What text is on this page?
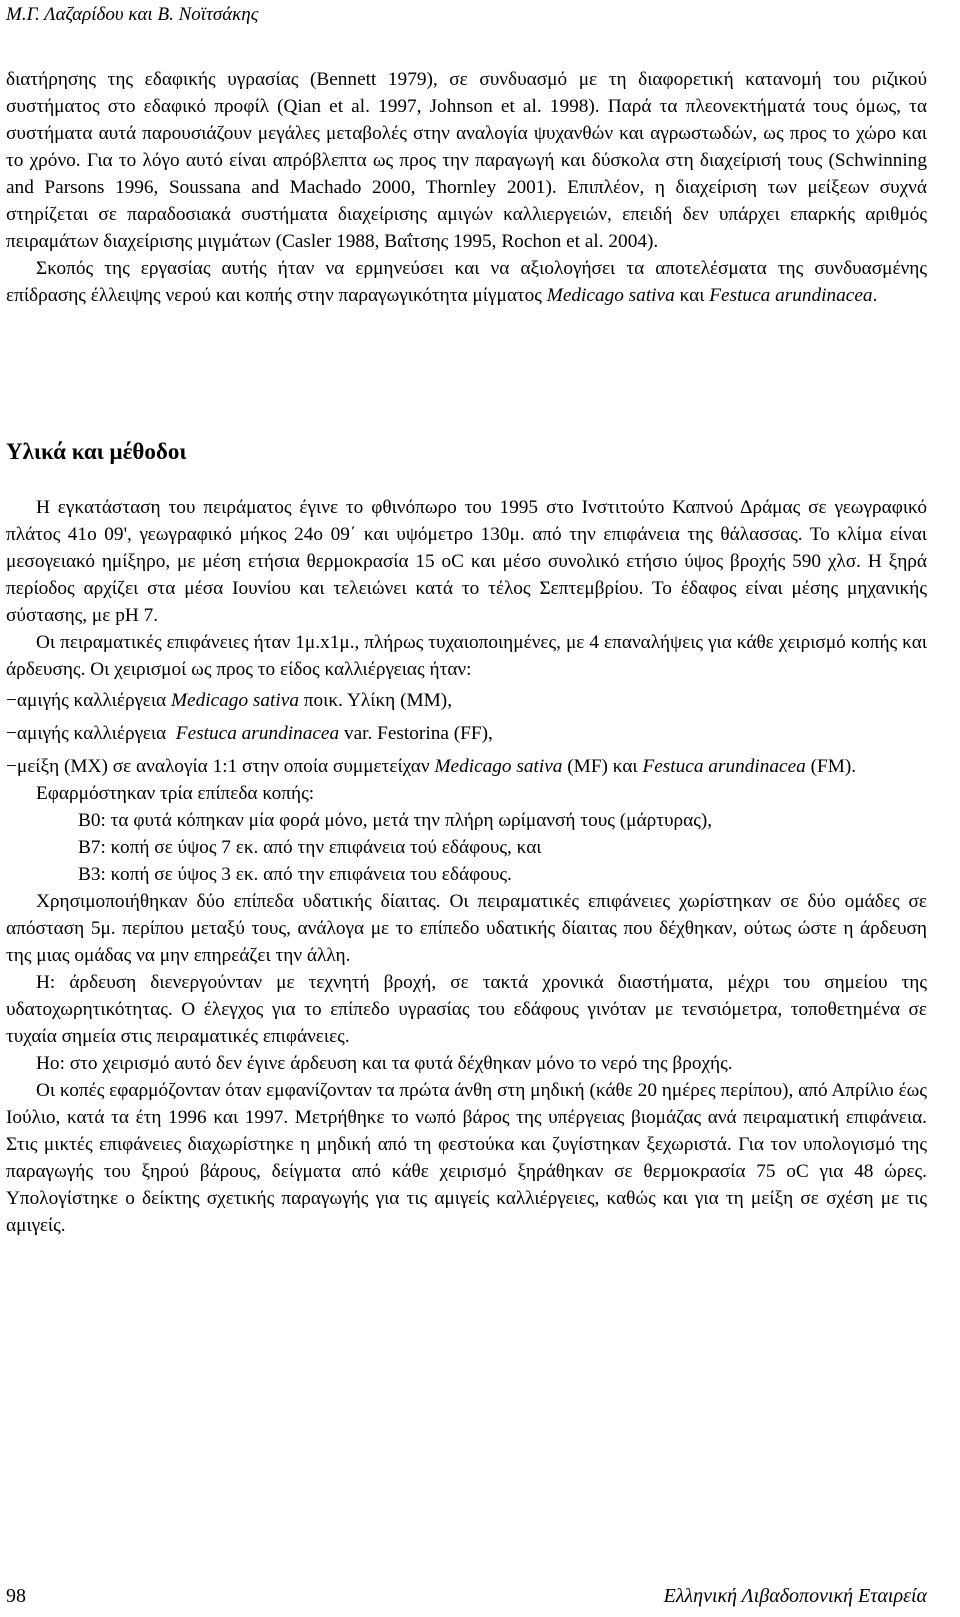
Μ.Γ. Λαζαρίδου και Β. Νοϊτσάκης

διατήρησης της εδαφικής υγρασίας (Bennett 1979), σε συνδυασμό με τη διαφορετική κατανομή του ριζικού συστήματος στο εδαφικό προφίλ (Qian et al. 1997, Johnson et al. 1998). Παρά τα πλεονεκτήματά τους όμως, τα συστήματα αυτά παρουσιάζουν μεγάλες μεταβολές στην αναλογία ψυχανθών και αγρωστωδών, ως προς το χώρο και το χρόνο. Για το λόγο αυτό είναι απρόβλεπτα ως προς την παραγωγή και δύσκολα στη διαχείρισή τους (Schwinning and Parsons 1996, Soussana and Machado 2000, Thornley 2001). Επιπλέον, η διαχείριση των μείξεων συχνά στηρίζεται σε παραδοσιακά συστήματα διαχείρισης αμιγών καλλιεργειών, επειδή δεν υπάρχει επαρκής αριθμός πειραμάτων διαχείρισης μιγμάτων (Casler 1988, Βαΐτσης 1995, Rochon et al. 2004).

Σκοπός της εργασίας αυτής ήταν να ερμηνεύσει και να αξιολογήσει τα αποτελέσματα της συνδυασμένης επίδρασης έλλειψης νερού και κοπής στην παραγωγικότητα μίγματος Medicago sativa και Festuca arundinacea.

Υλικά και μέθοδοι

Η εγκατάσταση του πειράματος έγινε το φθινόπωρο του 1995 στο Ινστιτούτο Καπνού Δράμας σε γεωγραφικό πλάτος 41ο 09', γεωγραφικό μήκος 24ο 09΄ και υψόμετρο 130μ. από την επιφάνεια της θάλασσας. Το κλίμα είναι μεσογειακό ημίξηρο, με μέση ετήσια θερμοκρασία 15 οC και μέσο συνολικό ετήσιο ύψος βροχής 590 χλσ. Η ξηρά περίοδος αρχίζει στα μέσα Ιουνίου και τελειώνει κατά το τέλος Σεπτεμβρίου. Το έδαφος είναι μέσης μηχανικής σύστασης, με pH 7.

Οι πειραματικές επιφάνειες ήταν 1μ.x1μ., πλήρως τυχαιοποιημένες, με 4 επαναλήψεις για κάθε χειρισμό κοπής και άρδευσης. Οι χειρισμοί ως προς το είδος καλλιέργειας ήταν:

−αμιγής καλλιέργεια Medicago sativa ποικ. Υλίκη (ΜΜ),

−αμιγής καλλιέργεια  Festuca arundinacea var. Festorina (FF),

−μείξη (ΜΧ) σε αναλογία 1:1 στην οποία συμμετείχαν Medicago sativa (MF) και Festuca arundinacea (FM).

Εφαρμόστηκαν τρία επίπεδα κοπής:

B0: τα φυτά κόπηκαν μία φορά μόνο, μετά την πλήρη ωρίμανσή τους (μάρτυρας),

B7: κοπή σε ύψος 7 εκ. από την επιφάνεια τού εδάφους, και

B3: κοπή σε ύψος 3 εκ. από την επιφάνεια του εδάφους.

Χρησιμοποιήθηκαν δύο επίπεδα υδατικής δίαιτας. Οι πειραματικές επιφάνειες χωρίστηκαν σε δύο ομάδες σε απόσταση 5μ. περίπου μεταξύ τους, ανάλογα με το επίπεδο υδατικής δίαιτας που δέχθηκαν, ούτως ώστε η άρδευση της μιας ομάδας να μην επηρεάζει την άλλη.

Η: άρδευση διενεργούνταν με τεχνητή βροχή, σε τακτά χρονικά διαστήματα, μέχρι του σημείου της υδατοχωρητικότητας. Ο έλεγχος για το επίπεδο υγρασίας του εδάφους γινόταν με τενσιόμετρα, τοποθετημένα σε τυχαία σημεία στις πειραματικές επιφάνειες.

Ηο: στο χειρισμό αυτό δεν έγινε άρδευση και τα φυτά δέχθηκαν μόνο το νερό της βροχής.

Οι κοπές εφαρμόζονταν όταν εμφανίζονταν τα πρώτα άνθη στη μηδική (κάθε 20 ημέρες περίπου), από Απρίλιο έως Ιούλιο, κατά τα έτη 1996 και 1997. Μετρήθηκε το νωπό βάρος της υπέργειας βιομάζας ανά πειραματική επιφάνεια. Στις μικτές επιφάνειες διαχωρίστηκε η μηδική από τη φεστούκα και ζυγίστηκαν ξεχωριστά. Για τον υπολογισμό της παραγωγής του ξηρού βάρους, δείγματα από κάθε χειρισμό ξηράθηκαν σε θερμοκρασία 75 οC για 48 ώρες. Υπολογίστηκε ο δείκτης σχετικής παραγωγής για τις αμιγείς καλλιέργειες, καθώς και για τη μείξη σε σχέση με τις αμιγείς.

98	Ελληνική Λιβαδοπονική Εταιρεία
